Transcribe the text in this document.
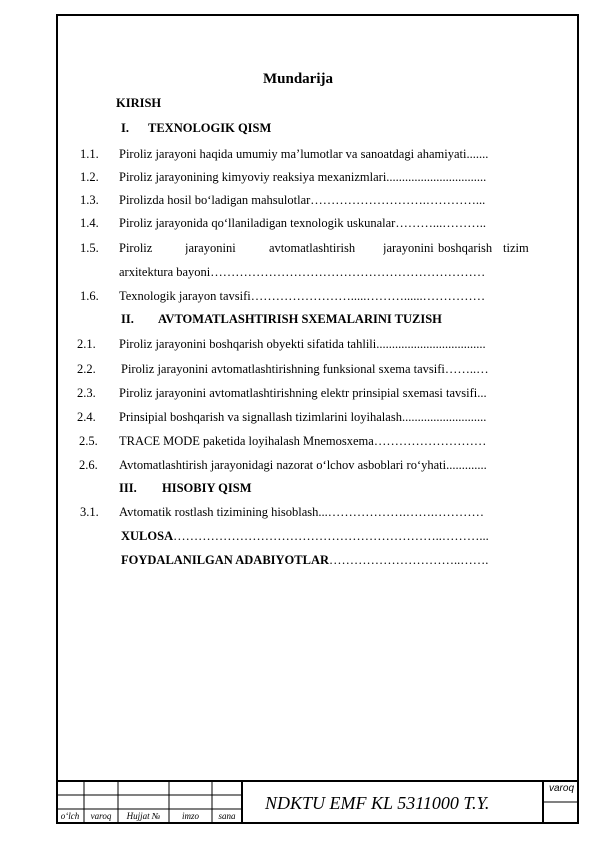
Mundarija
KIRISH
I. TEXNOLOGIK QISM
1.1. Piroliz jarayoni haqida umumiy ma’lumotlar va sanoatdagi ahamiyati.......
1.2. Piroliz jarayonining kimyoviy reaksiya mexanizmlari................................
1.3. Pirolizda hosil bo‘ladigan mahsulotlar……………………….…………...
1.4. Piroliz jarayonida qo‘llaniladigan texnologik uskunalar………...………..
1.5. Piroliz	jarayonini	avtomatlashtirish jarayonini boshqarish tizim
arxitektura bayoni…………………………………………………………
1.6. Texnologik jarayon tavsifi…………………….....………......……………
II. AVTOMATLASHTIRISH SXEMALARINI TUZISH
2.1. Piroliz jarayonini boshqarish obyekti sifatida tahlili...................................
2.2. Piroliz jarayonini avtomatlashtirishning funksional sxema tavsifi……..…
2.3. Piroliz jarayonini avtomatlashtirishning elektr prinsipial sxemasi tavsifi...
2.4. Prinsipial boshqarish va signallash tizimlarini loyihalash...........................
2.5. TRACE MODE paketida loyihalash Mnemosxema………………………
2.6. Avtomatlashtirish jarayonidagi nazorat o‘lchov asboblari ro‘yhati.............
III. HISOBIY QISM
3.1. Avtomatik rostlash tizimining hisoblash...……………….…….…………
XULOSA………………………………………………………..………...
FOYDALANILGAN ADABIYOTLAR…………………………..…….
o‘lch	varoq	Hujjat №	imzo	sana
NDKTU EMF KL 5311000 T.Y.
varoq
